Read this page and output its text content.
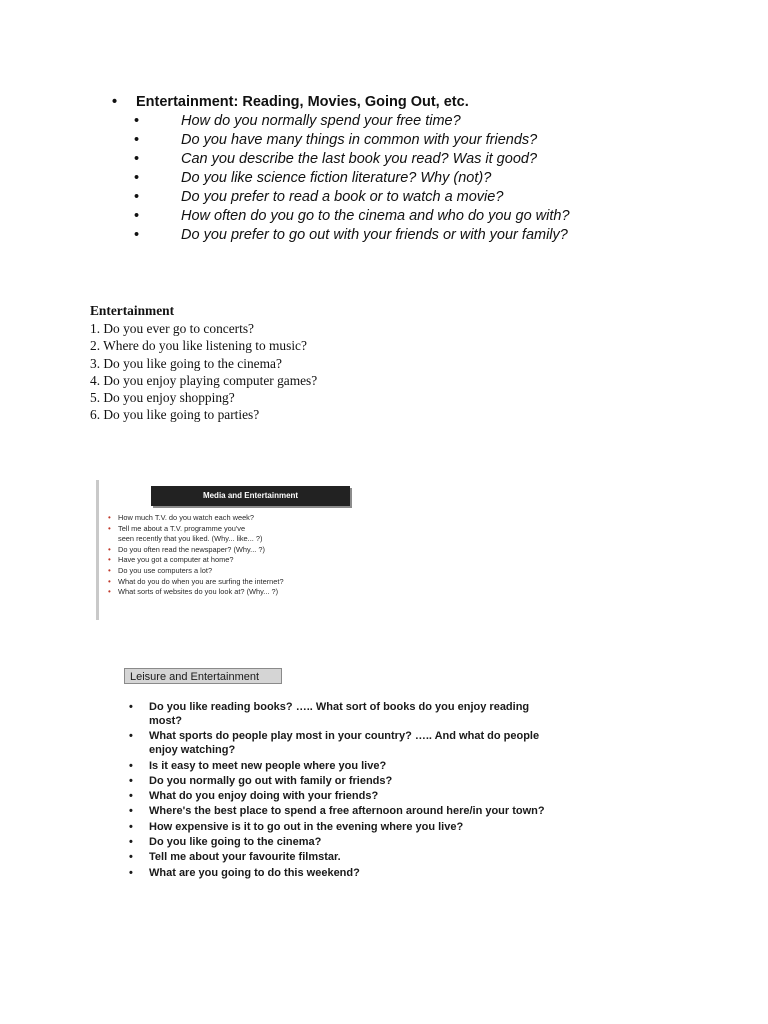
• Entertainment: Reading, Movies, Going Out, etc.
•	How do you normally spend your free time?
•	Do you have many things in common with your friends?
•	Can you describe the last book you read? Was it good?
•	Do you like science fiction literature? Why (not)?
•	Do you prefer to read a book or to watch a movie?
•	How often do you go to the cinema and who do you go with?
•	Do you prefer to go out with your friends or with your family?
Entertainment
1. Do you ever go to concerts?
2. Where do you like listening to music?
3. Do you like going to the cinema?
4. Do you enjoy playing computer games?
5. Do you enjoy shopping?
6. Do you like going to parties?
Media and Entertainment
• How much T.V. do you watch each week?
• Tell me about a T.V. programme you've
seen recently that you liked. (Why... like... ?)
• Do you often read the newspaper? (Why... ?)
• Have you got a computer at home?
• Do you use computers a lot?
• What do you do when you are surfing the internet?
• What sorts of websites do you look at? (Why... ?)
Leisure and Entertainment
• Do you like reading books? ….. What sort of books do you enjoy reading most?
• What sports do people play most in your country? ….. And what do people enjoy watching?
• Is it easy to meet new people where you live?
• Do you normally go out with family or friends?
• What do you enjoy doing with your friends?
• Where's the best place to spend a free afternoon around here/in your town?
• How expensive is it to go out in the evening where you live?
• Do you like going to the cinema?
• Tell me about your favourite filmstar.
• What are you going to do this weekend?
